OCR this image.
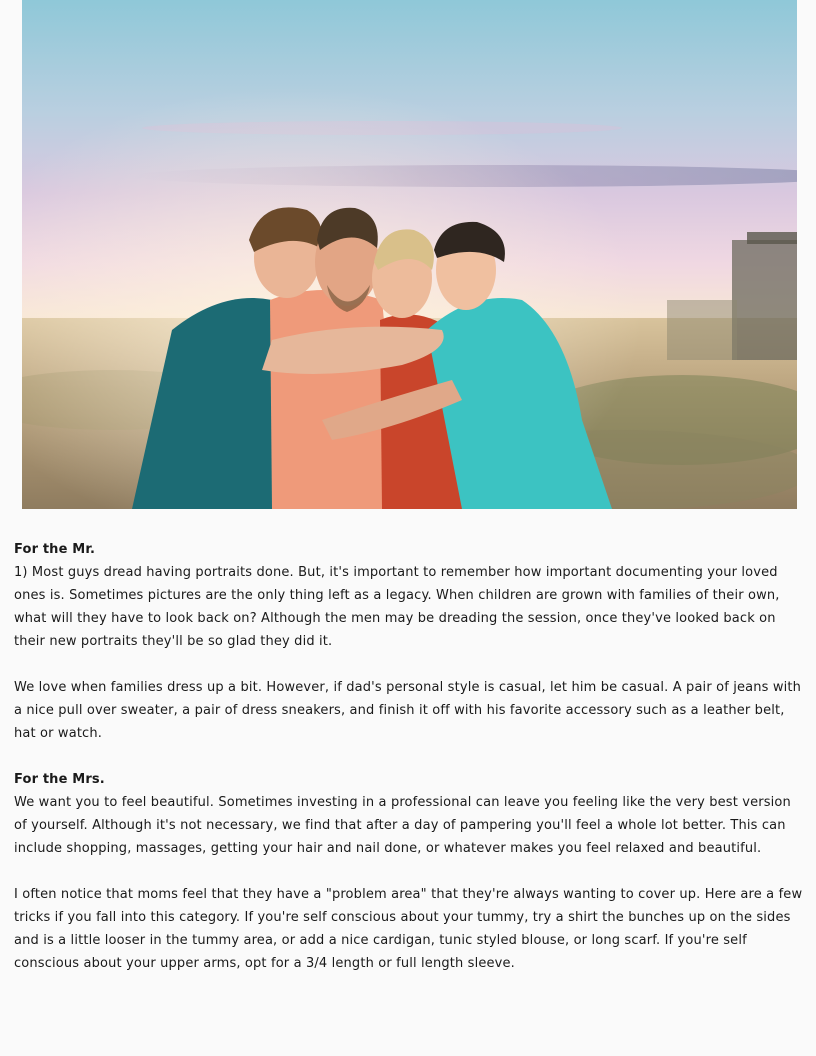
For the Mr.

1) Most guys dread having portraits done. But, it's important to remember how important documenting your loved ones is. Sometimes pictures are the only thing left as a legacy. When children are grown with families of their own, what will they have to look back on? Although the men may be dreading the session, once they've looked back on their new portraits they'll be so glad they did it.

We love when families dress up a bit. However, if dad's personal style is casual, let him be casual. A pair of jeans with a nice pull over sweater, a pair of dress sneakers, and finish it off with his favorite accessory such as a leather belt, hat or watch.

For the Mrs.

We want you to feel beautiful. Sometimes investing in a professional can leave you feeling like the very best version of yourself. Although it's not necessary, we find that after a day of pampering you'll feel a whole lot better. This can include shopping, massages, getting your hair and nail done, or whatever makes you feel relaxed and beautiful.

I often notice that moms feel that they have a "problem area" that they're always wanting to cover up. Here are a few tricks if you fall into this category. If you're self conscious about your tummy, try a shirt the bunches up on the sides and is a little looser in the tummy area, or add a nice cardigan, tunic styled blouse, or long scarf. If you're self conscious about your upper arms, opt for a 3/4 length or full length sleeve.
